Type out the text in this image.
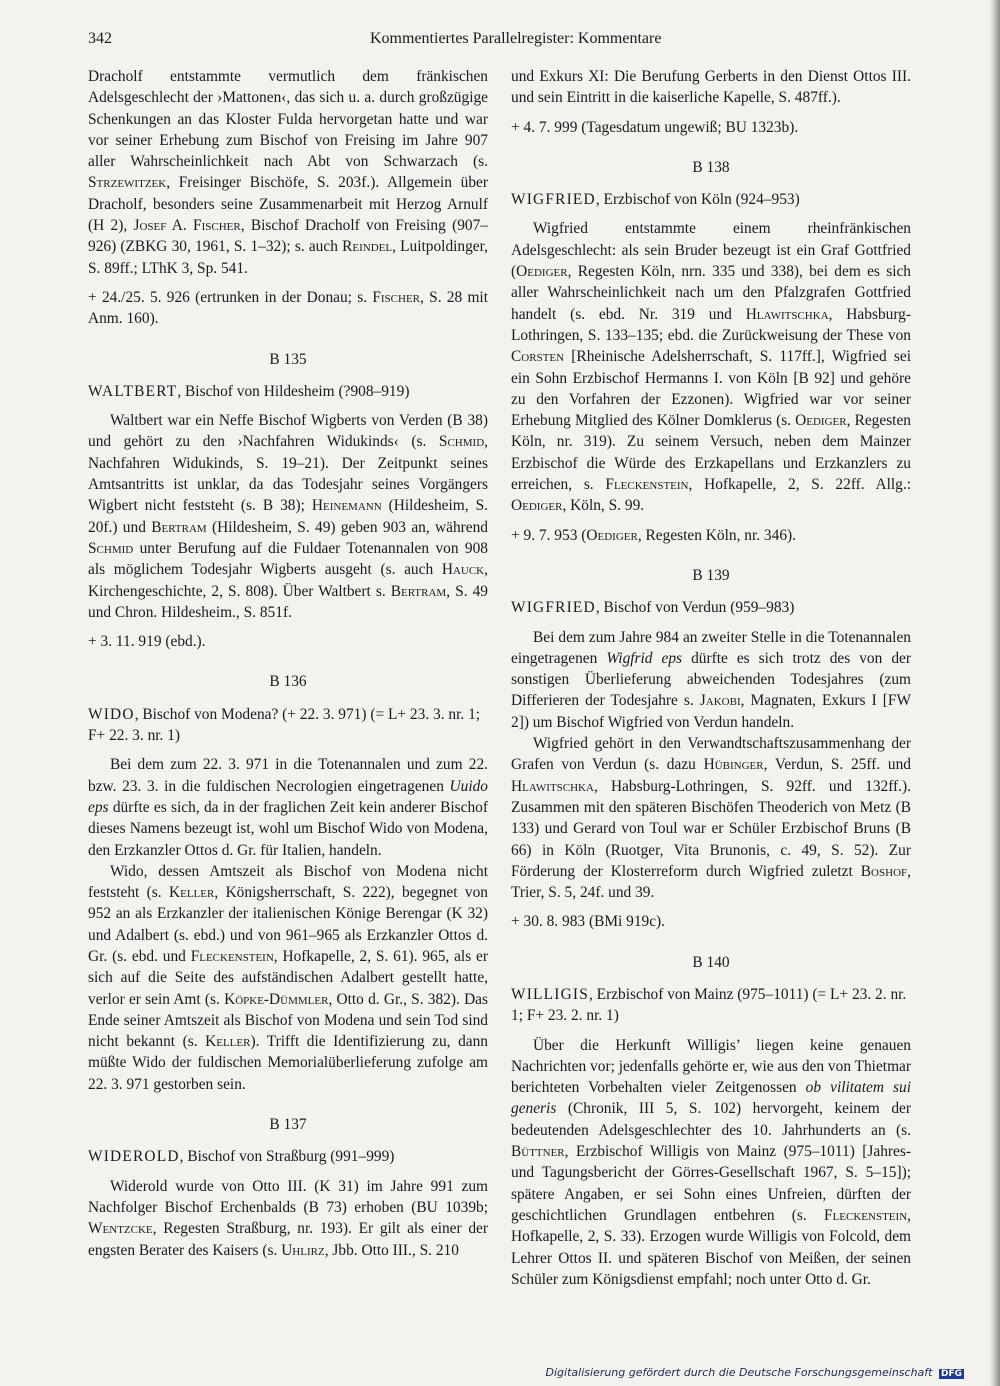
342	Kommentiertes Parallelregister: Kommentare

Dracholf entstammte vermutlich dem fränkischen Adelsgeschlecht der ›Mattonen‹, das sich u. a. durch großzügige Schenkungen an das Kloster Fulda hervorgetan hatte und war vor seiner Erhebung zum Bischof von Freising im Jahre 907 aller Wahrscheinlichkeit nach Abt von Schwarzach (s. Strzewitzek, Freisinger Bischöfe, S. 203f.). Allgemein über Dracholf, besonders seine Zusammenarbeit mit Herzog Arnulf (H 2), Josef A. Fischer, Bischof Dracholf von Freising (907–926) (ZBKG 30, 1961, S. 1–32); s. auch Reindel, Luitpoldinger, S. 89ff.; LThK 3, Sp. 541.

+ 24./25. 5. 926 (ertrunken in der Donau; s. Fischer, S. 28 mit Anm. 160).

B 135

WALTBERT, Bischof von Hildesheim (?908–919)

Waltbert war ein Neffe Bischof Wigberts von Verden (B 38) und gehört zu den ›Nachfahren Widukinds‹ (s. Schmid, Nachfahren Widukinds, S. 19–21). Der Zeitpunkt seines Amtsantritts ist unklar, da das Todesjahr seines Vorgängers Wigbert nicht feststeht (s. B 38); Heinemann (Hildesheim, S. 20f.) und Bertram (Hildesheim, S. 49) geben 903 an, während Schmid unter Berufung auf die Fuldaer Totenannalen von 908 als möglichem Todesjahr Wigberts ausgeht (s. auch Hauck, Kirchengeschichte, 2, S. 808). Über Waltbert s. Bertram, S. 49 und Chron. Hildesheim., S. 851f.

+ 3. 11. 919 (ebd.).

B 136

WIDO, Bischof von Modena? (+ 22. 3. 971) (= L+ 23. 3. nr. 1; F+ 22. 3. nr. 1)

Bei dem zum 22. 3. 971 in die Totenannalen und zum 22. bzw. 23. 3. in die fuldischen Necrologien eingetragenen Uuido eps dürfte es sich, da in der fraglichen Zeit kein anderer Bischof dieses Namens bezeugt ist, wohl um Bischof Wido von Modena, den Erzkanzler Ottos d. Gr. für Italien, handeln.

Wido, dessen Amtszeit als Bischof von Modena nicht feststeht (s. Keller, Königsherrschaft, S. 222), begegnet von 952 an als Erzkanzler der italienischen Könige Berengar (K 32) und Adalbert (s. ebd.) und von 961–965 als Erzkanzler Ottos d. Gr. (s. ebd. und Fleckenstein, Hofkapelle, 2, S. 61). 965, als er sich auf die Seite des aufständischen Adalbert gestellt hatte, verlor er sein Amt (s. Köpke-Dümmler, Otto d. Gr., S. 382). Das Ende seiner Amtszeit als Bischof von Modena und sein Tod sind nicht bekannt (s. Keller). Trifft die Identifizierung zu, dann müßte Wido der fuldischen Memorialüberlieferung zufolge am 22. 3. 971 gestorben sein.

B 137

WIDEROLD, Bischof von Straßburg (991–999)

Widerold wurde von Otto III. (K 31) im Jahre 991 zum Nachfolger Bischof Erchenbalds (B 73) erhoben (BU 1039b; Wentzcke, Regesten Straßburg, nr. 193). Er gilt als einer der engsten Berater des Kaisers (s. Uhlirz, Jbb. Otto III., S. 210

und Exkurs XI: Die Berufung Gerberts in den Dienst Ottos III. und sein Eintritt in die kaiserliche Kapelle, S. 487ff.).

+ 4. 7. 999 (Tagesdatum ungewiß; BU 1323b).

B 138

WIGFRIED, Erzbischof von Köln (924–953)

Wigfried entstammte einem rheinfränkischen Adelsgeschlecht: als sein Bruder bezeugt ist ein Graf Gottfried (Oediger, Regesten Köln, nrn. 335 und 338), bei dem es sich aller Wahrscheinlichkeit nach um den Pfalzgrafen Gottfried handelt (s. ebd. Nr. 319 und Hlawitschka, Habsburg-Lothringen, S. 133–135; ebd. die Zurückweisung der These von Corsten [Rheinische Adelsherrschaft, S. 117ff.], Wigfried sei ein Sohn Erzbischof Hermanns I. von Köln [B 92] und gehöre zu den Vorfahren der Ezzonen). Wigfried war vor seiner Erhebung Mitglied des Kölner Domklerus (s. Oediger, Regesten Köln, nr. 319). Zu seinem Versuch, neben dem Mainzer Erzbischof die Würde des Erzkapellans und Erzkanzlers zu erreichen, s. Fleckenstein, Hofkapelle, 2, S. 22ff. Allg.: Oediger, Köln, S. 99.

+ 9. 7. 953 (Oediger, Regesten Köln, nr. 346).

B 139

WIGFRIED, Bischof von Verdun (959–983)

Bei dem zum Jahre 984 an zweiter Stelle in die Totenannalen eingetragenen Wigfrid eps dürfte es sich trotz des von der sonstigen Überlieferung abweichenden Todesjahres (zum Differieren der Todesjahre s. Jakobi, Magnaten, Exkurs I [FW 2]) um Bischof Wigfried von Verdun handeln.

Wigfried gehört in den Verwandtschaftszusammenhang der Grafen von Verdun (s. dazu Hübinger, Verdun, S. 25ff. und Hlawitschka, Habsburg-Lothringen, S. 92ff. und 132ff.). Zusammen mit den späteren Bischöfen Theoderich von Metz (B 133) und Gerard von Toul war er Schüler Erzbischof Bruns (B 66) in Köln (Ruotger, Vita Brunonis, c. 49, S. 52). Zur Förderung der Klosterreform durch Wigfried zuletzt Boshof, Trier, S. 5, 24f. und 39.

+ 30. 8. 983 (BMi 919c).

B 140

WILLIGIS, Erzbischof von Mainz (975–1011) (= L+ 23. 2. nr. 1; F+ 23. 2. nr. 1)

Über die Herkunft Willigis’ liegen keine genauen Nachrichten vor; jedenfalls gehörte er, wie aus den von Thietmar berichteten Vorbehalten vieler Zeitgenossen ob vilitatem sui generis (Chronik, III 5, S. 102) hervorgeht, keinem der bedeutenden Adelsgeschlechter des 10. Jahrhunderts an (s. Büttner, Erzbischof Willigis von Mainz (975–1011) [Jahres- und Tagungsbericht der Görres-Gesellschaft 1967, S. 5–15]); spätere Angaben, er sei Sohn eines Unfreien, dürften der geschichtlichen Grundlagen entbehren (s. Fleckenstein, Hofkapelle, 2, S. 33). Erzogen wurde Willigis von Folcold, dem Lehrer Ottos II. und späteren Bischof von Meißen, der seinen Schüler zum Königsdienst empfahl; noch unter Otto d. Gr.

Digitalisierung gefördert durch die Deutsche Forschungsgemeinschaft DFG
